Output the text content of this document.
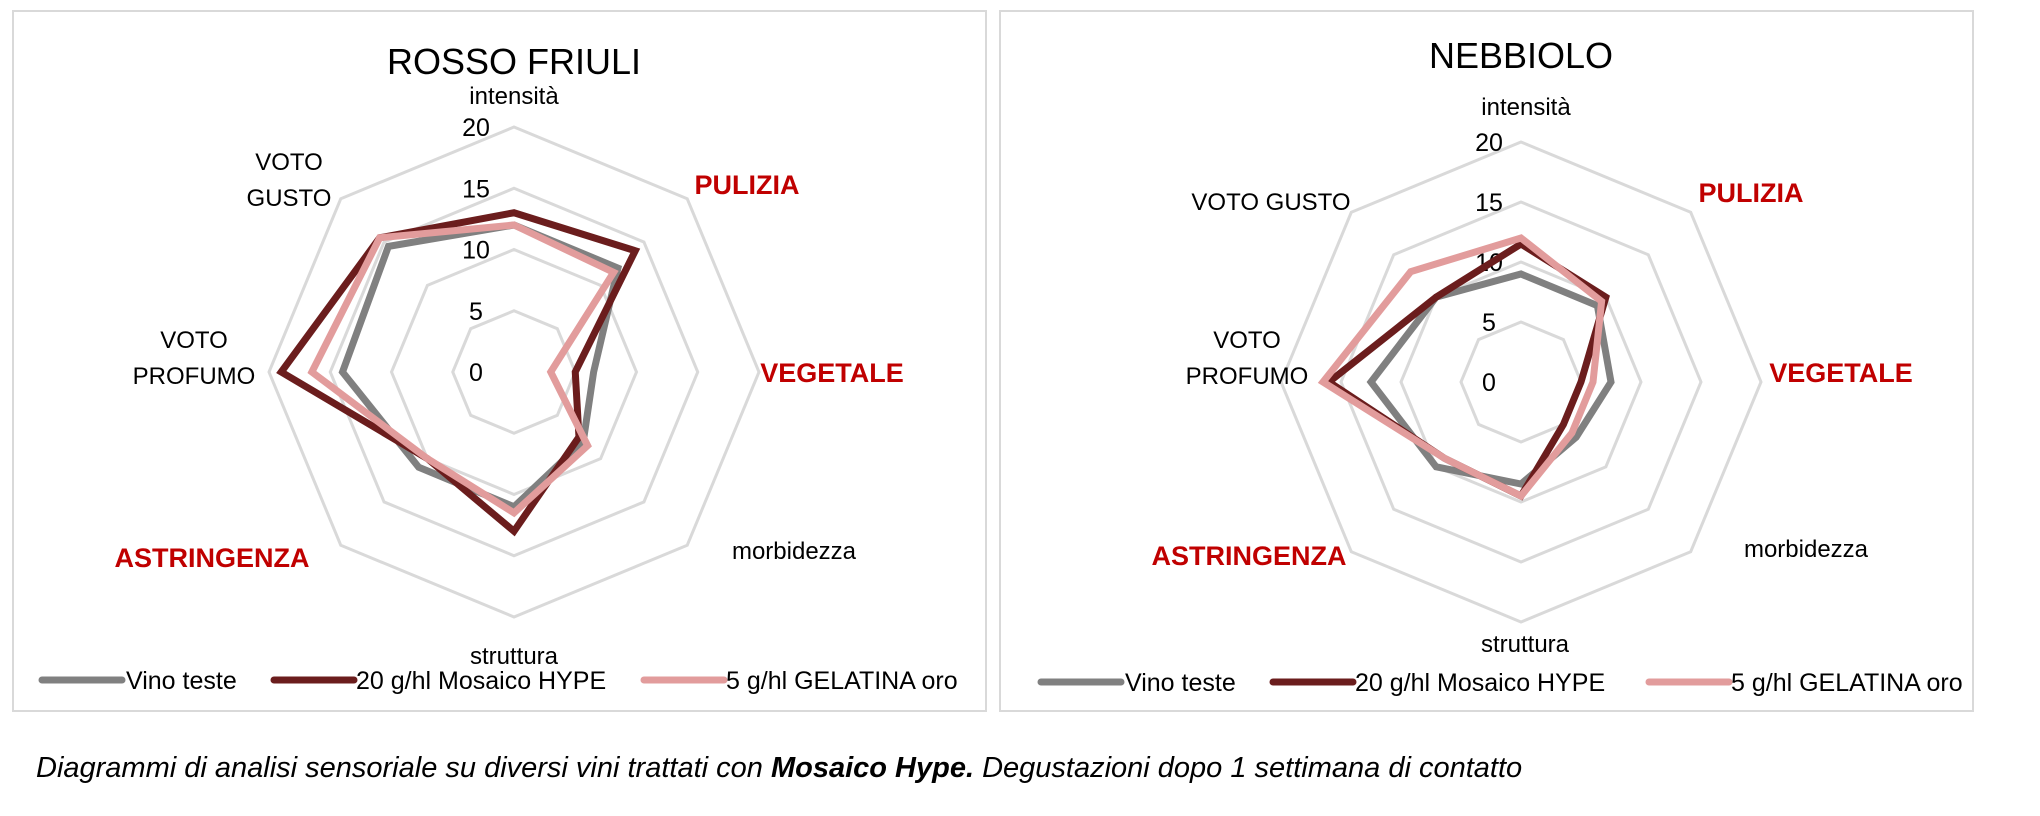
ROSSO FRIULI
0
5
10
15
20
intensità
PULIZIA
VEGETALE
morbidezza
struttura
ASTRINGENZA
VOTO PROFUMO
VOTO GUSTO
Vino teste	20 g/hl Mosaico HYPE	5 g/hl GELATINA oro
NEBBIOLO
0
5
10
15
20
intensità
PULIZIA
VEGETALE
morbidezza
struttura
ASTRINGENZA
VOTO PROFUMO
VOTO GUSTO
Vino teste	20 g/hl Mosaico HYPE	5 g/hl GELATINA oro
Diagrammi di analisi sensoriale su diversi vini trattati con Mosaico Hype. Degustazioni dopo 1 settimana di contatto
